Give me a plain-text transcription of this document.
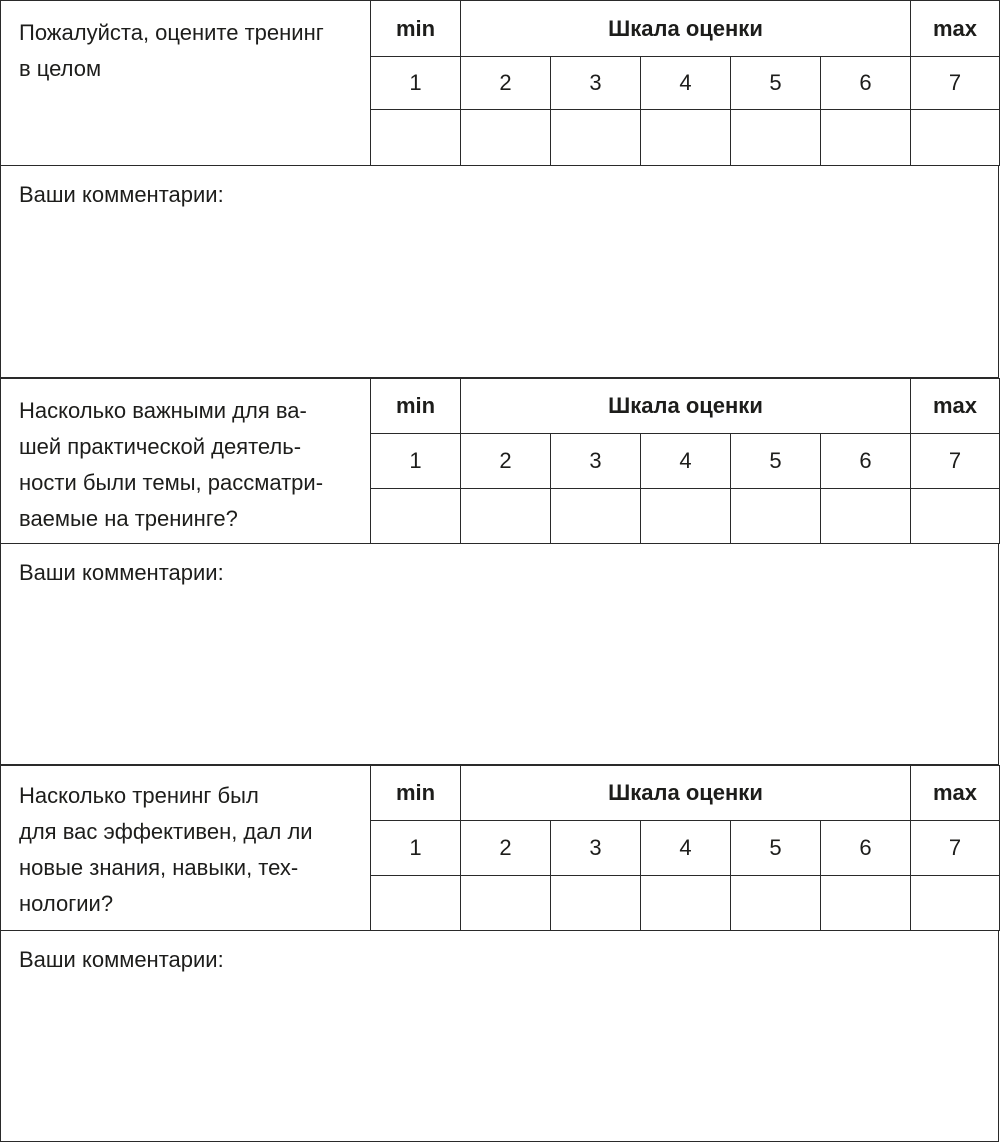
Пожалуйста, оцените тренинг
в целом	min	Шкала оценки					max
	1	2	3	4	5	6	7

Ваши комментарии:
Насколько важными для ва-
шей практической деятель-
ности были темы, рассматри-
ваемые на тренинге?	min	Шкала оценки					max
	1	2	3	4	5	6	7

Ваши комментарии:
Насколько тренинг был
для вас эффективен, дал ли
новые знания, навыки, тех-
нологии?	min	Шкала оценки					max
	1	2	3	4	5	6	7

Ваши комментарии:
